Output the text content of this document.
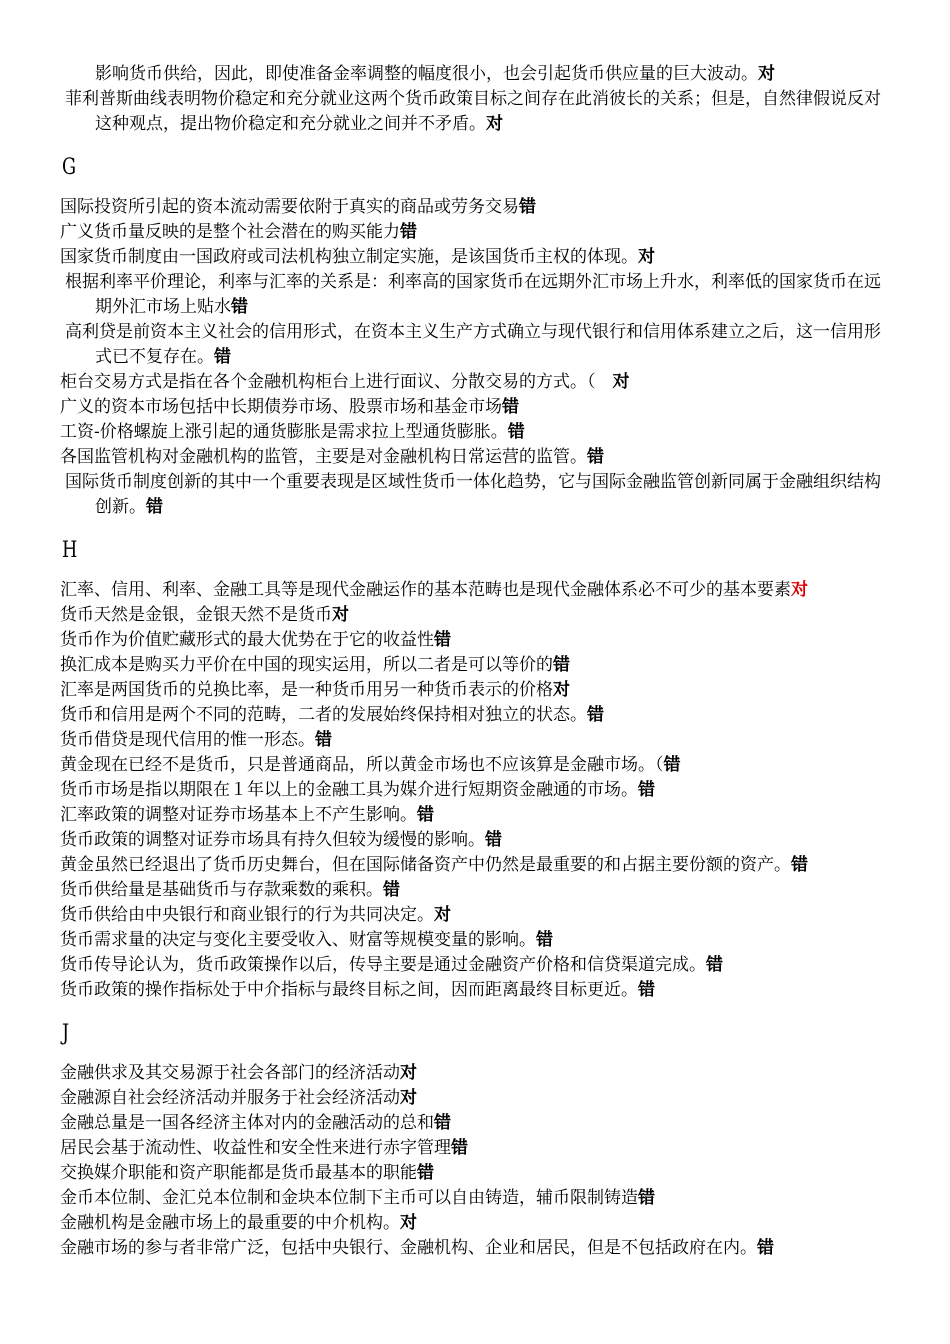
影响货币供给，因此，即使准备金率调整的幅度很小，也会引起货币供应量的巨大波动。对

菲利普斯曲线表明物价稳定和充分就业这两个货币政策目标之间存在此消彼长的关系；但是，自然律假说反对这种观点，提出物价稳定和充分就业之间并不矛盾。对

G

国际投资所引起的资本流动需要依附于真实的商品或劳务交易错

广义货币量反映的是整个社会潜在的购买能力错

国家货币制度由一国政府或司法机构独立制定实施，是该国货币主权的体现。对

根据利率平价理论，利率与汇率的关系是：利率高的国家货币在远期外汇市场上升水，利率低的国家货币在远期外汇市场上贴水错

高利贷是前资本主义社会的信用形式，在资本主义生产方式确立与现代银行和信用体系建立之后，这一信用形式已不复存在。错

柜台交易方式是指在各个金融机构柜台上进行面议、分散交易的方式。（　对

广义的资本市场包括中长期债券市场、股票市场和基金市场错

工资-价格螺旋上涨引起的通货膨胀是需求拉上型通货膨胀。错

各国监管机构对金融机构的监管，主要是对金融机构日常运营的监管。错

国际货币制度创新的其中一个重要表现是区域性货币一体化趋势，它与国际金融监管创新同属于金融组织结构创新。错

H

汇率、信用、利率、金融工具等是现代金融运作的基本范畴也是现代金融体系必不可少的基本要素对

货币天然是金银，金银天然不是货币对

货币作为价值贮藏形式的最大优势在于它的收益性错

换汇成本是购买力平价在中国的现实运用，所以二者是可以等价的错

汇率是两国货币的兑换比率，是一种货币用另一种货币表示的价格对

货币和信用是两个不同的范畴，二者的发展始终保持相对独立的状态。错

货币借贷是现代信用的惟一形态。错

黄金现在已经不是货币，只是普通商品，所以黄金市场也不应该算是金融市场。（错

货币市场是指以期限在１年以上的金融工具为媒介进行短期资金融通的市场。错

汇率政策的调整对证券市场基本上不产生影响。错

货币政策的调整对证券市场具有持久但较为缓慢的影响。错

黄金虽然已经退出了货币历史舞台，但在国际储备资产中仍然是最重要的和占据主要份额的资产。错

货币供给量是基础货币与存款乘数的乘积。错

货币供给由中央银行和商业银行的行为共同决定。对

货币需求量的决定与变化主要受收入、财富等规模变量的影响。错

货币传导论认为，货币政策操作以后，传导主要是通过金融资产价格和信贷渠道完成。错

货币政策的操作指标处于中介指标与最终目标之间，因而距离最终目标更近。错

J

金融供求及其交易源于社会各部门的经济活动对

金融源自社会经济活动并服务于社会经济活动对

金融总量是一国各经济主体对内的金融活动的总和错

居民会基于流动性、收益性和安全性来进行赤字管理错

交换媒介职能和资产职能都是货币最基本的职能错

金币本位制、金汇兑本位制和金块本位制下主币可以自由铸造，辅币限制铸造错

金融机构是金融市场上的最重要的中介机构。对

金融市场的参与者非常广泛，包括中央银行、金融机构、企业和居民，但是不包括政府在内。错
